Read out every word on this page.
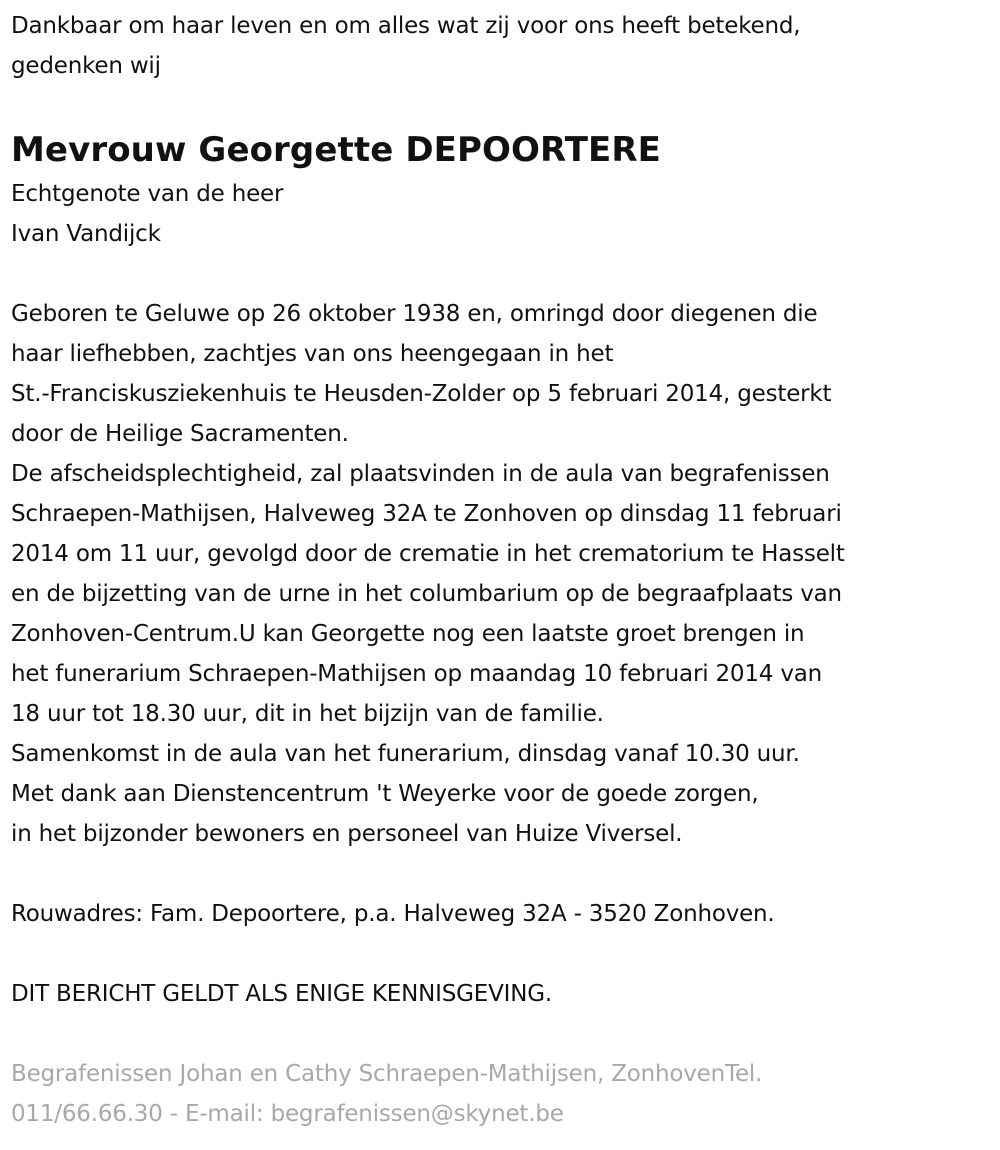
Dankbaar om haar leven en om alles wat zij voor ons heeft betekend,
gedenken wij
Mevrouw Georgette DEPOORTERE
Echtgenote van de heer
Ivan Vandijck
Geboren te Geluwe op 26 oktober 1938 en, omringd door diegenen die
haar liefhebben, zachtjes van ons heengegaan in het
St.-Franciskusziekenhuis te Heusden-Zolder op 5 februari 2014, gesterkt
door de Heilige Sacramenten.
De afscheidsplechtigheid, zal plaatsvinden in de aula van begrafenissen
Schraepen-Mathijsen, Halveweg 32A te Zonhoven op dinsdag 11 februari
2014 om 11 uur, gevolgd door de crematie in het crematorium te Hasselt
en de bijzetting van de urne in het columbarium op de begraafplaats van
Zonhoven-Centrum.U kan Georgette nog een laatste groet brengen in
het funerarium Schraepen-Mathijsen op maandag 10 februari 2014 van
18 uur tot 18.30 uur, dit in het bijzijn van de familie.
Samenkomst in de aula van het funerarium, dinsdag vanaf 10.30 uur.
Met dank aan Dienstencentrum 't Weyerke voor de goede zorgen,
in het bijzonder bewoners en personeel van Huize Viversel.
Rouwadres: Fam. Depoortere, p.a. Halveweg 32A - 3520 Zonhoven.
DIT BERICHT GELDT ALS ENIGE KENNISGEVING.
Begrafenissen Johan en Cathy Schraepen-Mathijsen, ZonhovenTel.
011/66.66.30 - E-mail: begrafenissen@skynet.be
